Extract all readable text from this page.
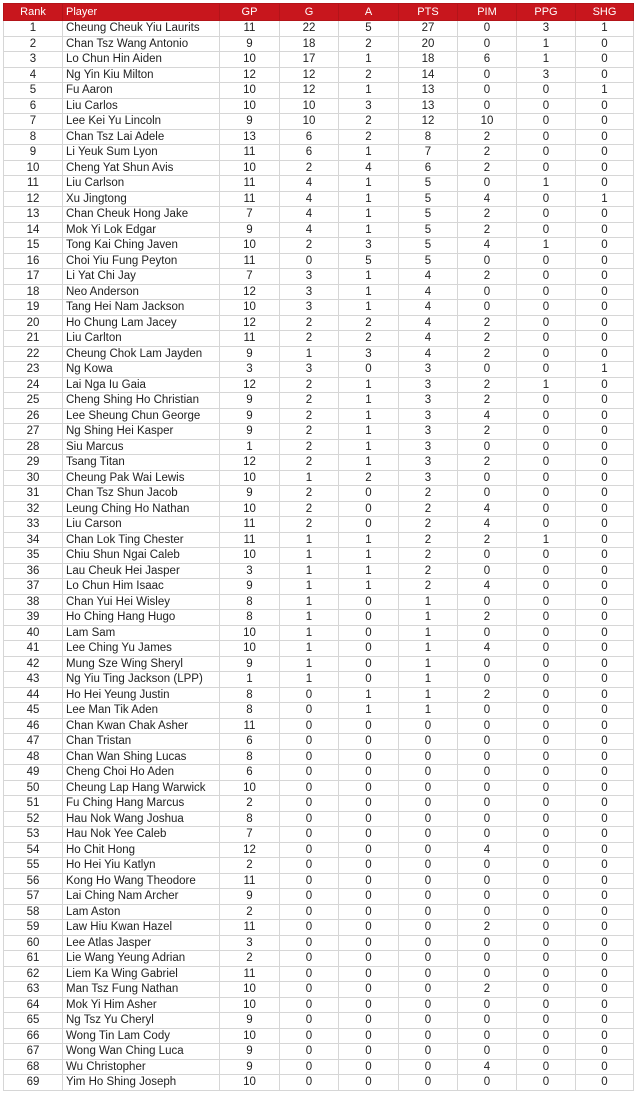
Rank	Player	GP	G	A	PTS	PIM	PPG	SHG
1	Cheung Cheuk Yiu Laurits	11	22	5	27	0	3	1
2	Chan Tsz Wang Antonio	9	18	2	20	0	1	0
3	Lo Chun Hin Aiden	10	17	1	18	6	1	0
4	Ng Yin Kiu Milton	12	12	2	14	0	3	0
5	Fu Aaron	10	12	1	13	0	0	1
6	Liu Carlos	10	10	3	13	0	0	0
7	Lee Kei Yu Lincoln	9	10	2	12	10	0	0
8	Chan Tsz Lai Adele	13	6	2	8	2	0	0
9	Li Yeuk Sum Lyon	11	6	1	7	2	0	0
10	Cheng Yat Shun Avis	10	2	4	6	2	0	0
11	Liu Carlson	11	4	1	5	0	1	0
12	Xu Jingtong	11	4	1	5	4	0	1
13	Chan Cheuk Hong Jake	7	4	1	5	2	0	0
14	Mok Yi Lok Edgar	9	4	1	5	2	0	0
15	Tong Kai Ching Javen	10	2	3	5	4	1	0
16	Choi Yiu Fung Peyton	11	0	5	5	0	0	0
17	Li Yat Chi Jay	7	3	1	4	2	0	0
18	Neo Anderson	12	3	1	4	0	0	0
19	Tang Hei Nam Jackson	10	3	1	4	0	0	0
20	Ho Chung Lam Jacey	12	2	2	4	2	0	0
21	Liu Carlton	11	2	2	4	2	0	0
22	Cheung Chok Lam Jayden	9	1	3	4	2	0	0
23	Ng Kowa	3	3	0	3	0	0	1
24	Lai Nga Iu Gaia	12	2	1	3	2	1	0
25	Cheng Shing Ho Christian	9	2	1	3	2	0	0
26	Lee Sheung Chun George	9	2	1	3	4	0	0
27	Ng Shing Hei Kasper	9	2	1	3	2	0	0
28	Siu Marcus	1	2	1	3	0	0	0
29	Tsang Titan	12	2	1	3	2	0	0
30	Cheung Pak Wai Lewis	10	1	2	3	0	0	0
31	Chan Tsz Shun Jacob	9	2	0	2	0	0	0
32	Leung Ching Ho Nathan	10	2	0	2	4	0	0
33	Liu Carson	11	2	0	2	4	0	0
34	Chan Lok Ting Chester	11	1	1	2	2	1	0
35	Chiu Shun Ngai Caleb	10	1	1	2	0	0	0
36	Lau Cheuk Hei Jasper	3	1	1	2	0	0	0
37	Lo Chun Him Isaac	9	1	1	2	4	0	0
38	Chan Yui Hei Wisley	8	1	0	1	0	0	0
39	Ho Ching Hang Hugo	8	1	0	1	2	0	0
40	Lam Sam	10	1	0	1	0	0	0
41	Lee Ching Yu James	10	1	0	1	4	0	0
42	Mung Sze Wing Sheryl	9	1	0	1	0	0	0
43	Ng Yiu Ting Jackson (LPP)	1	1	0	1	0	0	0
44	Ho Hei Yeung Justin	8	0	1	1	2	0	0
45	Lee Man Tik Aden	8	0	1	1	0	0	0
46	Chan Kwan Chak Asher	11	0	0	0	0	0	0
47	Chan Tristan	6	0	0	0	0	0	0
48	Chan Wan Shing Lucas	8	0	0	0	0	0	0
49	Cheng Choi Ho Aden	6	0	0	0	0	0	0
50	Cheung Lap Hang Warwick	10	0	0	0	0	0	0
51	Fu Ching Hang Marcus	2	0	0	0	0	0	0
52	Hau Nok Wang Joshua	8	0	0	0	0	0	0
53	Hau Nok Yee Caleb	7	0	0	0	0	0	0
54	Ho Chit Hong	12	0	0	0	4	0	0
55	Ho Hei Yiu Katlyn	2	0	0	0	0	0	0
56	Kong Ho Wang Theodore	11	0	0	0	0	0	0
57	Lai Ching Nam Archer	9	0	0	0	0	0	0
58	Lam Aston	2	0	0	0	0	0	0
59	Law Hiu Kwan Hazel	11	0	0	0	2	0	0
60	Lee Atlas Jasper	3	0	0	0	0	0	0
61	Lie Wang Yeung Adrian	2	0	0	0	0	0	0
62	Liem Ka Wing Gabriel	11	0	0	0	0	0	0
63	Man Tsz Fung Nathan	10	0	0	0	2	0	0
64	Mok Yi Him Asher	10	0	0	0	0	0	0
65	Ng Tsz Yu Cheryl	9	0	0	0	0	0	0
66	Wong Tin Lam Cody	10	0	0	0	0	0	0
67	Wong Wan Ching Luca	9	0	0	0	0	0	0
68	Wu Christopher	9	0	0	0	4	0	0
69	Yim Ho Shing Joseph	10	0	0	0	0	0	0
